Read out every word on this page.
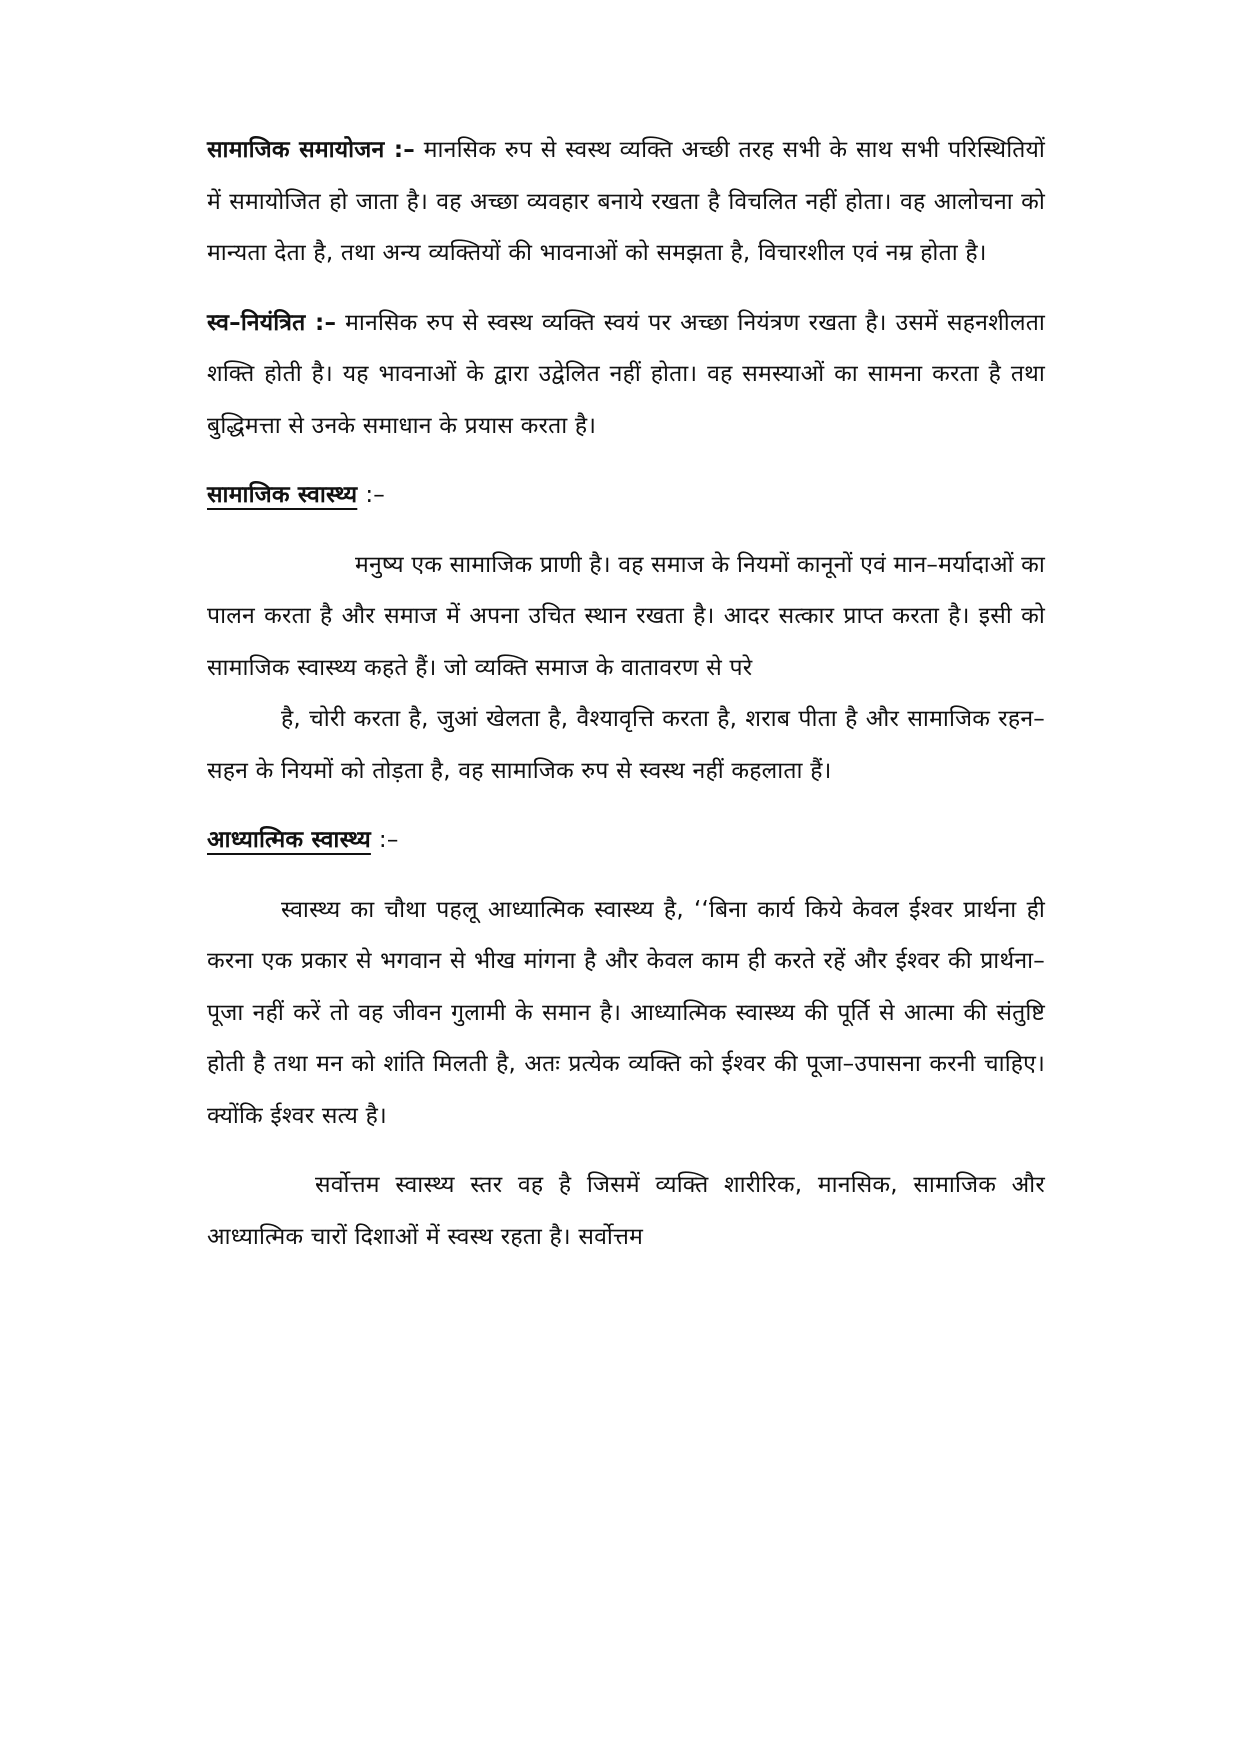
सामाजिक समायोजन :– मानसिक रुप से स्वस्थ व्यक्ति अच्छी तरह सभी के साथ सभी परिस्थितियों में समायोजित हो जाता है। वह अच्छा व्यवहार बनाये रखता है विचलित नहीं होता। वह आलोचना को मान्यता देता है, तथा अन्य व्यक्तियों की भावनाओं को समझता है, विचारशील एवं नम्र होता है।

स्व–नियंत्रित :– मानसिक रुप से स्वस्थ व्यक्ति स्वयं पर अच्छा नियंत्रण रखता है। उसमें सहनशीलता शक्ति होती है। यह भावनाओं के द्वारा उद्वेलित नहीं होता। वह समस्याओं का सामना करता है तथा बुद्धिमत्ता से उनके समाधान के प्रयास करता है।

सामाजिक स्वास्थ्य :–

मनुष्य एक सामाजिक प्राणी है। वह समाज के नियमों कानूनों एवं मान–मर्यादाओं का पालन करता है और समाज में अपना उचित स्थान रखता है। आदर सत्कार प्राप्त करता है। इसी को सामाजिक स्वास्थ्य कहते हैं। जो व्यक्ति समाज के वातावरण से परे

है, चोरी करता है, जुआं खेलता है, वैश्यावृत्ति करता है, शराब पीता है और सामाजिक रहन–सहन के नियमों को तोड़ता है, वह सामाजिक रुप से स्वस्थ नहीं कहलाता हैं।

आध्यात्मिक स्वास्थ्य :–

स्वास्थ्य का चौथा पहलू आध्यात्मिक स्वास्थ्य है, ‘‘बिना कार्य किये केवल ईश्वर प्रार्थना ही करना एक प्रकार से भगवान से भीख मांगना है और केवल काम ही करते रहें और ईश्वर की प्रार्थना–पूजा नहीं करें तो वह जीवन गुलामी के समान है। आध्यात्मिक स्वास्थ्य की पूर्ति से आत्मा की संतुष्टि होती है तथा मन को शांति मिलती है, अतः प्रत्येक व्यक्ति को ईश्वर की पूजा–उपासना करनी चाहिए। क्योंकि ईश्वर सत्य है।

सर्वोत्तम स्वास्थ्य स्तर वह है जिसमें व्यक्ति शारीरिक, मानसिक, सामाजिक और आध्यात्मिक चारों दिशाओं में स्वस्थ रहता है। सर्वोत्तम
